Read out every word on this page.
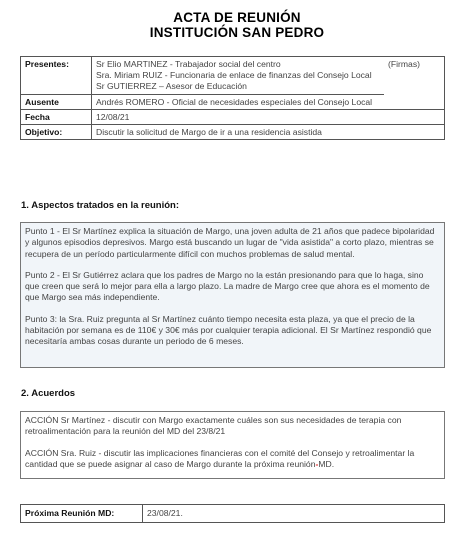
ACTA DE REUNIÓN
INSTITUCIÓN SAN PEDRO
Presentes:	Sr Elio MARTINEZ - Trabajador social del centro
Sra. Miriam RUIZ - Funcionaria de enlace de finanzas del Consejo Local
Sr GUTIERREZ – Asesor de Educación	(Firmas)
Ausente	Andrés ROMERO - Oficial de necesidades especiales del Consejo Local	
Fecha	12/08/21	
Objetivo:	Discutir la solicitud de Margo de ir a una residencia asistida	
1. Aspectos tratados en la reunión:

Punto 1 - El Sr Martínez explica la situación de Margo, una joven adulta de 21 años que padece bipolaridad y algunos episodios depresivos. Margo está buscando un lugar de "vida asistida" a corto plazo, mientras se recupera de un período particularmente difícil con muchos problemas de salud mental.

Punto 2 - El Sr Gutiérrez aclara que los padres de Margo no la están presionando para que lo haga, sino que creen que será lo mejor para ella a largo plazo. La madre de Margo cree que ahora es el momento de que Margo sea más independiente.

Punto 3: la Sra. Ruiz pregunta al Sr Martínez cuánto tiempo necesita esta plaza, ya que el precio de la habitación por semana es de 110€ y 30€ más por cualquier terapia adicional. El Sr Martínez respondió que necesitaría ambas cosas durante un periodo de 6 meses.

2. Acuerdos

ACCIÓN Sr Martínez - discutir con Margo exactamente cuáles son sus necesidades de terapia con retroalimentación para la reunión del MD del 23/8/21

ACCIÓN Sra. Ruiz - discutir las implicaciones financieras con el comité del Consejo y retroalimentar la cantidad que se puede asignar al caso de Margo durante la próxima reunión-MD.

Próxima Reunión MD:	23/08/21.
